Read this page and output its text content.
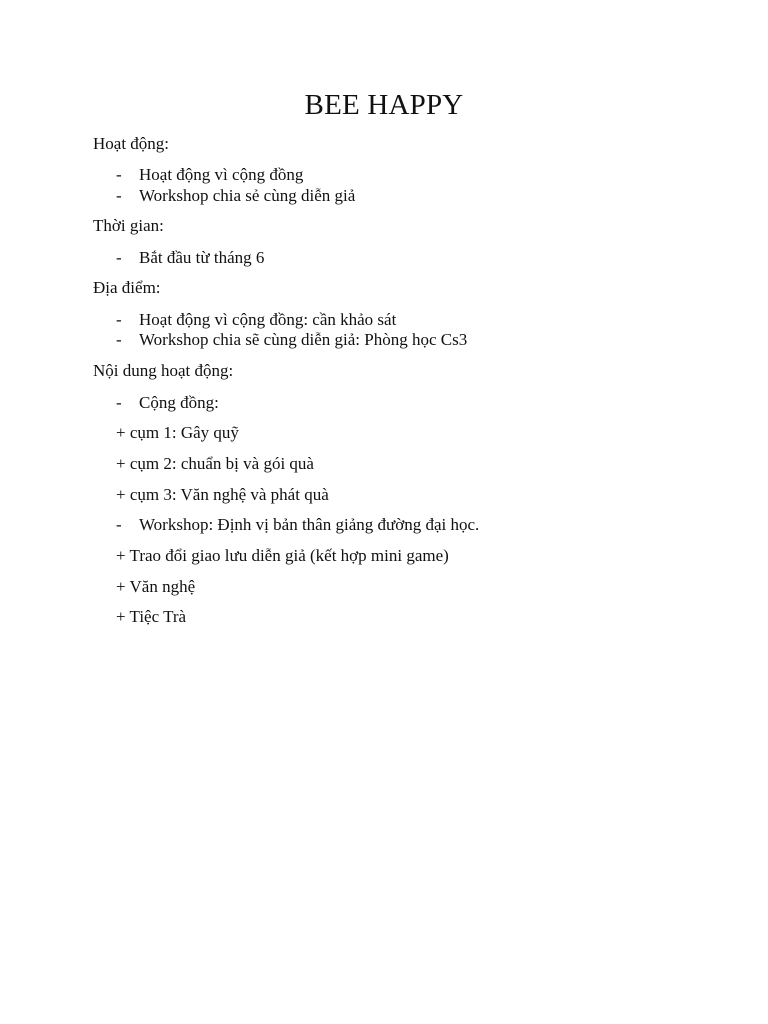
BEE HAPPY
Hoạt động:
- Hoạt động vì cộng đồng
- Workshop chia sẻ cùng diễn giả
Thời gian:
- Bắt đầu từ tháng 6
Địa điểm:
- Hoạt động vì cộng đồng: cần khảo sát
- Workshop chia sẽ cùng diễn giả: Phòng học Cs3
Nội dung hoạt động:
- Cộng đồng:
+ cụm 1: Gây quỹ
+ cụm 2: chuẩn bị và gói quà
+ cụm 3: Văn nghệ và phát quà
- Workshop: Định vị bản thân giảng đường đại học.
+ Trao đổi giao lưu diễn giả (kết hợp mini game)
+ Văn nghệ
+ Tiệc Trà
